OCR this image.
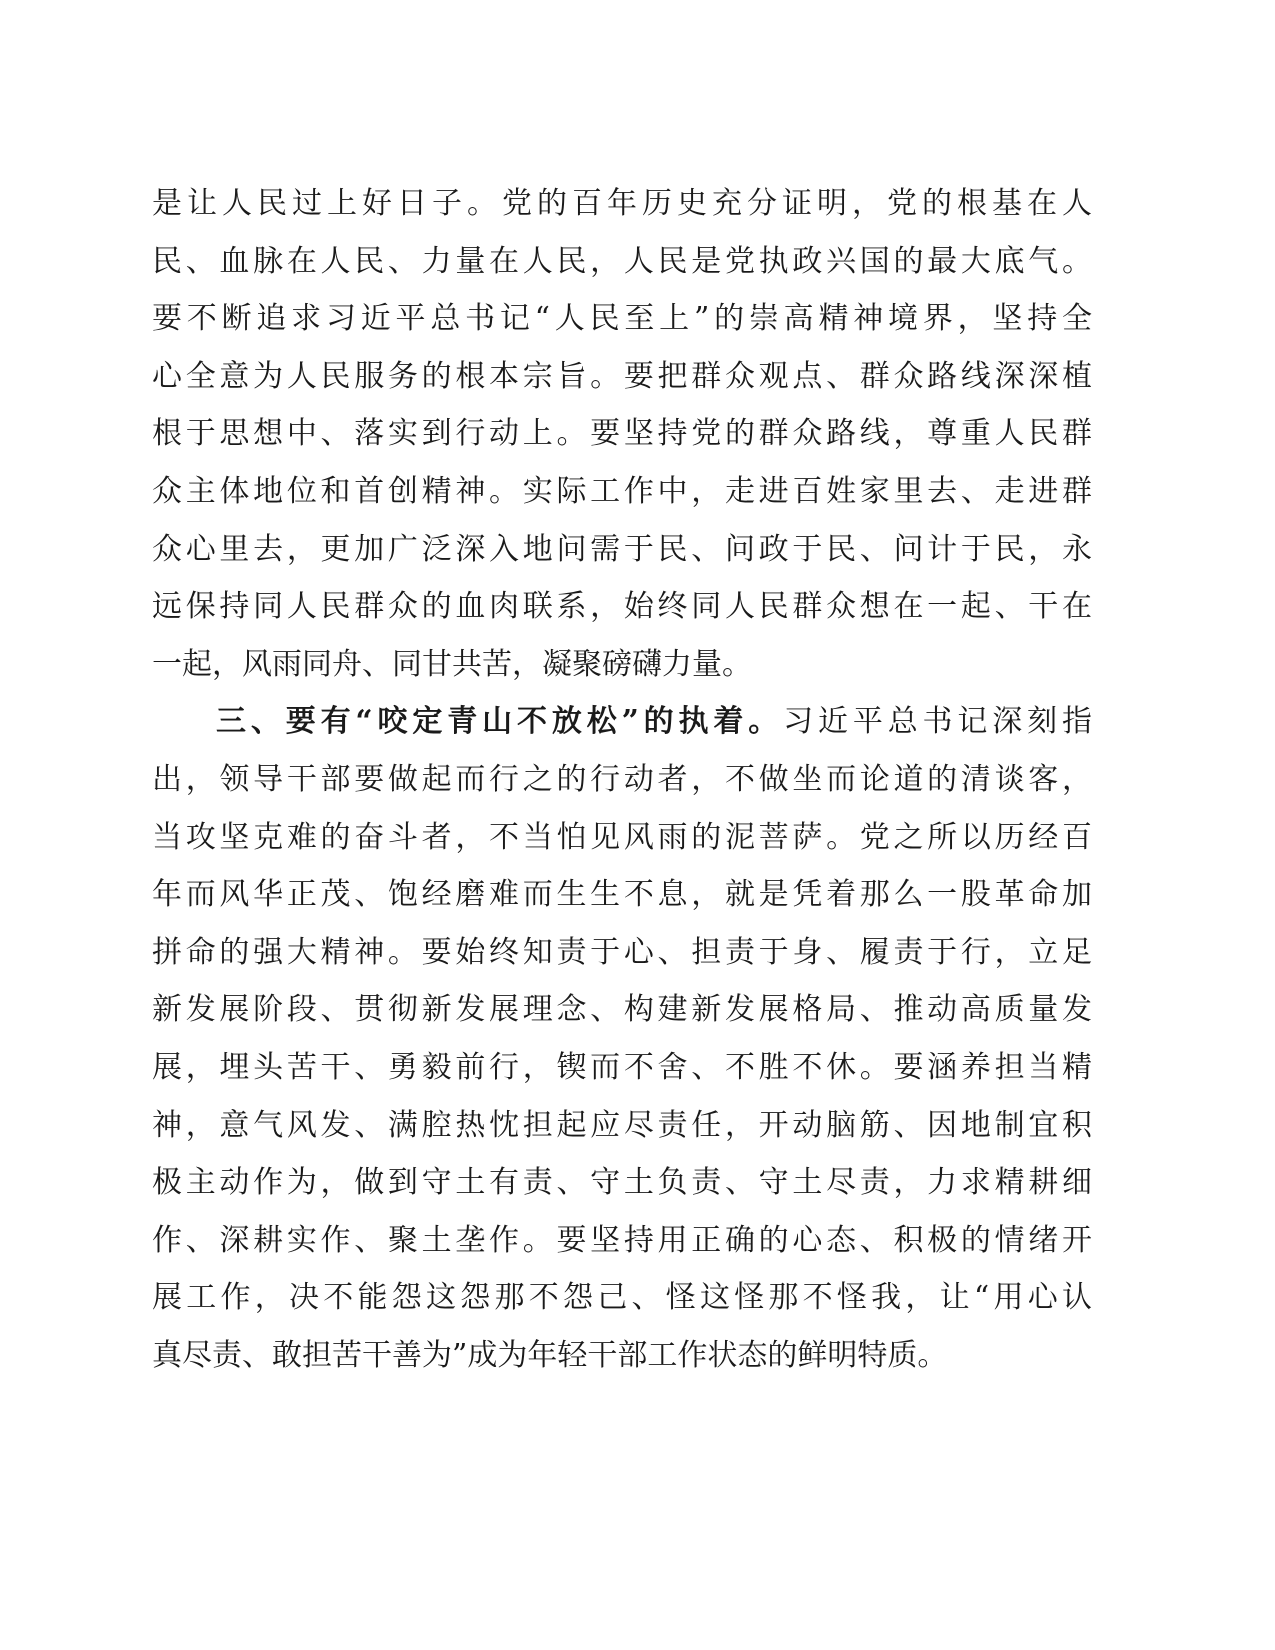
是让人民过上好日子。党的百年历史充分证明，党的根基在人
民、血脉在人民、力量在人民，人民是党执政兴国的最大底气。
要不断追求习近平总书记“人民至上”的崇高精神境界，坚持全
心全意为人民服务的根本宗旨。要把群众观点、群众路线深深植
根于思想中、落实到行动上。要坚持党的群众路线，尊重人民群
众主体地位和首创精神。实际工作中，走进百姓家里去、走进群
众心里去，更加广泛深入地问需于民、问政于民、问计于民，永
远保持同人民群众的血肉联系，始终同人民群众想在一起、干在
一起，风雨同舟、同甘共苦，凝聚磅礴力量。
三、要有“咬定青山不放松”的执着。习近平总书记深刻指
出，领导干部要做起而行之的行动者，不做坐而论道的清谈客，
当攻坚克难的奋斗者，不当怕见风雨的泥菩萨。党之所以历经百
年而风华正茂、饱经磨难而生生不息，就是凭着那么一股革命加
拼命的强大精神。要始终知责于心、担责于身、履责于行，立足
新发展阶段、贯彻新发展理念、构建新发展格局、推动高质量发
展，埋头苦干、勇毅前行，锲而不舍、不胜不休。要涵养担当精
神，意气风发、满腔热忱担起应尽责任，开动脑筋、因地制宜积
极主动作为，做到守土有责、守土负责、守土尽责，力求精耕细
作、深耕实作、聚土垄作。要坚持用正确的心态、积极的情绪开
展工作，决不能怨这怨那不怨己、怪这怪那不怪我，让“用心认
真尽责、敢担苦干善为”成为年轻干部工作状态的鲜明特质。
